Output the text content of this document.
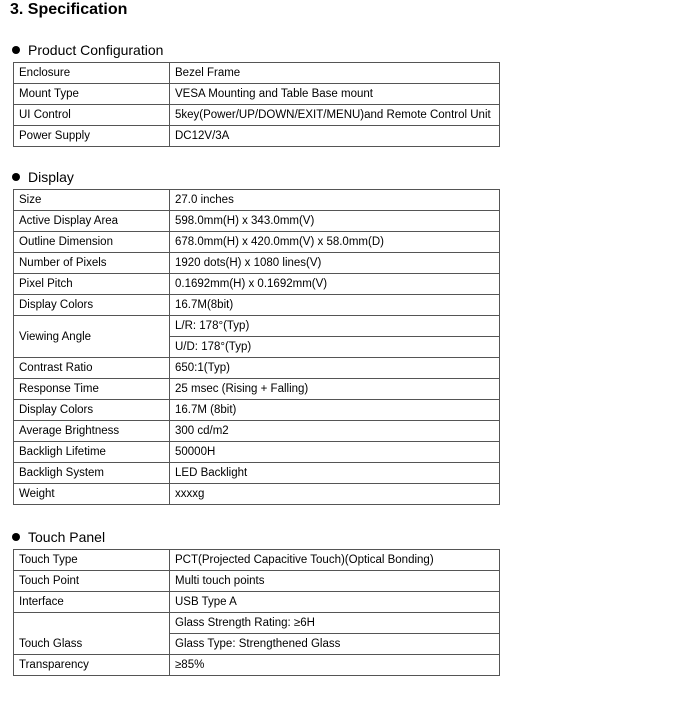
3. Specification
Product Configuration
Enclosure	Bezel Frame
Mount Type	VESA Mounting and Table Base mount
UI Control	5key(Power/UP/DOWN/EXIT/MENU)and Remote Control Unit
Power Supply	DC12V/3A
Display
Size	27.0 inches
Active Display Area	598.0mm(H) x 343.0mm(V)
Outline Dimension	678.0mm(H) x 420.0mm(V) x 58.0mm(D)
Number of Pixels	1920 dots(H) x 1080 lines(V)
Pixel Pitch	0.1692mm(H) x 0.1692mm(V)
Display Colors	16.7M(8bit)
Viewing Angle	L/R: 178°(Typ)
	U/D: 178°(Typ)
Contrast Ratio	650:1(Typ)
Response Time	25 msec (Rising + Falling)
Display Colors	16.7M (8bit)
Average Brightness	300 cd/m2
Backligh Lifetime	50000H
Backligh System	LED Backlight
Weight	xxxxg
Touch Panel
Touch Type	PCT(Projected Capacitive Touch)(Optical Bonding)
Touch Point	Multi touch points
Interface	USB Type A
	Glass Strength Rating: ≥6H
Touch Glass	Glass Type: Strengthened Glass
Transparency	≥85%
